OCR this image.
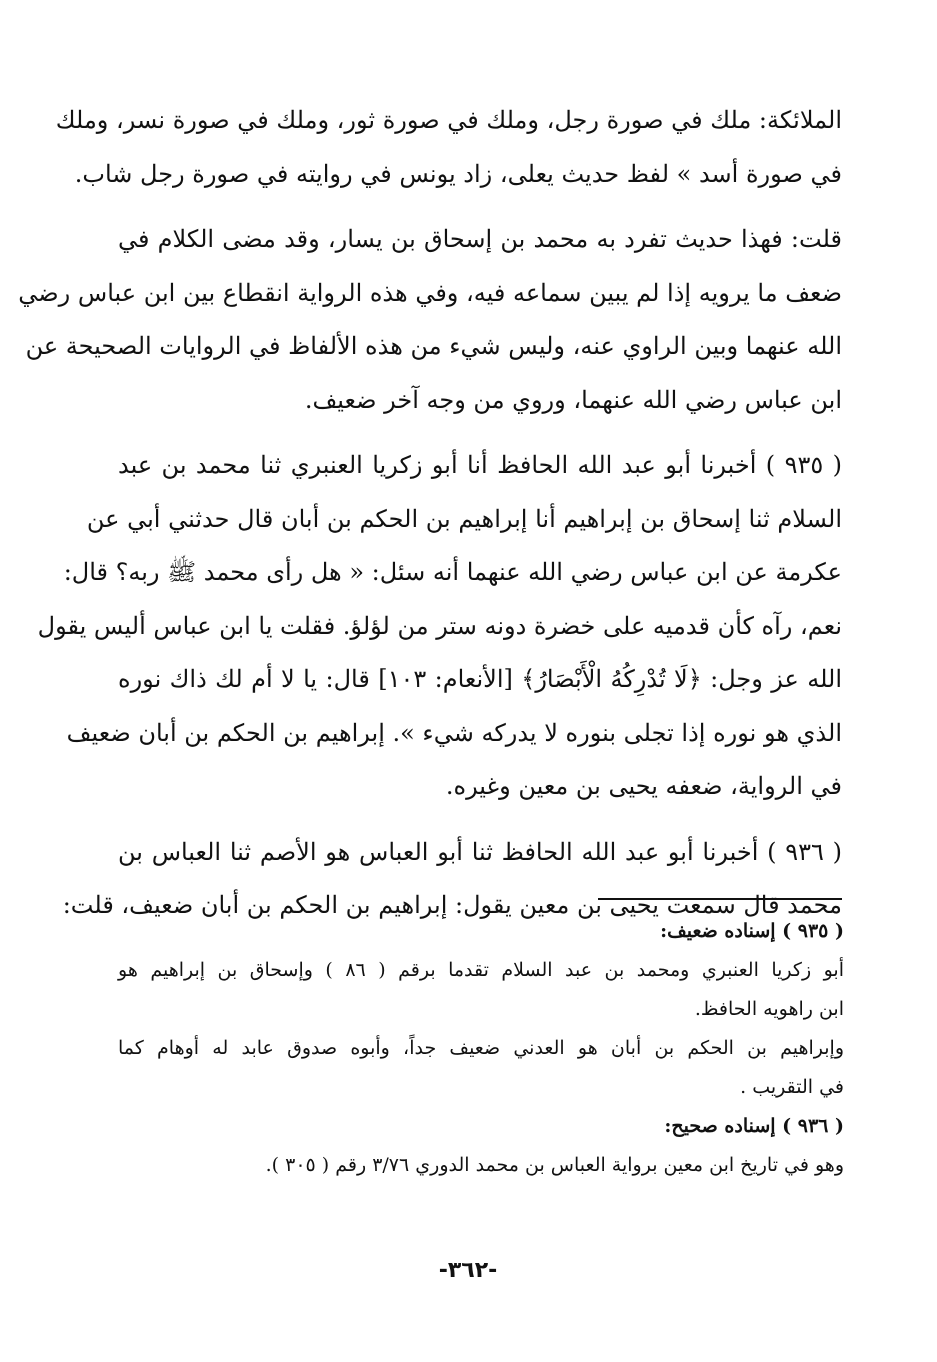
الملائكة: ملك في صورة رجل، وملك في صورة ثور، وملك في صورة نسر، وملك
في صورة أسد » لفظ حديث يعلى، زاد يونس في روايته في صورة رجل شاب.
قلت: فهذا حديث تفرد به محمد بن إسحاق بن يسار، وقد مضى الكلام في
ضعف ما يرويه إذا لم يبين سماعه فيه، وفي هذه الرواية انقطاع بين ابن عباس رضي
الله عنهما وبين الراوي عنه، وليس شيء من هذه الألفاظ في الروايات الصحيحة عن
ابن عباس رضي الله عنهما، وروي من وجه آخر ضعيف.
( ٩٣٥ ) أخبرنا أبو عبد الله الحافظ أنا أبو زكريا العنبري ثنا محمد بن عبد
السلام ثنا إسحاق بن إبراهيم أنا إبراهيم بن الحكم بن أبان قال حدثني أبي عن
عكرمة عن ابن عباس رضي الله عنهما أنه سئل: « هل رأى محمد ﷺ ربه؟ قال:
نعم، رآه كأن قدميه على خضرة دونه ستر من لؤلؤ. فقلت يا ابن عباس أليس يقول
الله عز وجل: ﴿لَا تُدْرِكُهُ الْأَبْصَارُ﴾ [الأنعام: ١٠٣] قال: يا لا أم لك ذاك نوره
الذي هو نوره إذا تجلى بنوره لا يدركه شيء ». إبراهيم بن الحكم بن أبان ضعيف
في الرواية، ضعفه يحيى بن معين وغيره.
( ٩٣٦ ) أخبرنا أبو عبد الله الحافظ ثنا أبو العباس هو الأصم ثنا العباس بن
محمد قال سمعت يحيى بن معين يقول: إبراهيم بن الحكم بن أبان ضعيف، قلت:
( ٩٣٥ ) إسناده ضعيف:
أبو زكريا العنبري ومحمد بن عبد السلام تقدما برقم ( ٨٦ ) وإسحاق بن إبراهيم هو
ابن راهويه الحافظ.
وإبراهيم بن الحكم بن أبان هو العدني ضعيف جداً، وأبوه صدوق عابد له أوهام كما
في التقريب .
( ٩٣٦ ) إسناده صحيح:
وهو في تاريخ ابن معين برواية العباس بن محمد الدوري ٣/٧٦ رقم ( ٣٠٥ ).
-٣٦٢-
